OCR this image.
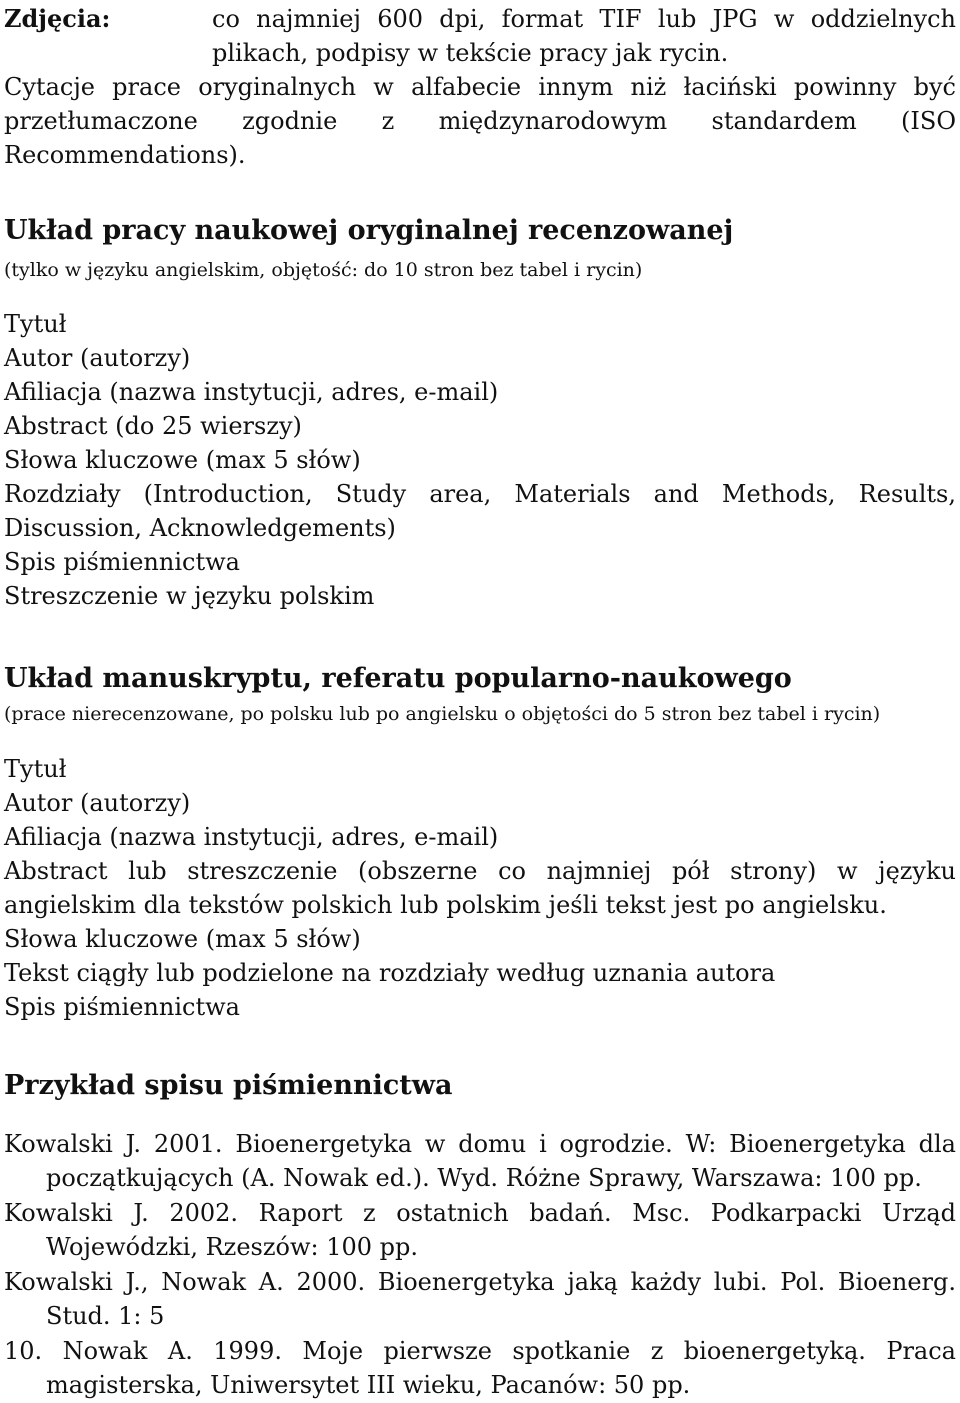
Zdjęcia:	co najmniej 600 dpi, format TIF lub JPG w oddzielnych plikach, podpisy w tekście pracy jak rycin.
Cytacje prace oryginalnych w alfabecie innym niż łaciński powinny być przetłumaczone zgodnie z międzynarodowym standardem (ISO Recommendations).
Układ pracy naukowej oryginalnej recenzowanej

(tylko w języku angielskim, objętość: do 10 stron bez tabel i rycin)

Tytuł
Autor (autorzy)
Afiliacja (nazwa instytucji, adres, e-mail)
Abstract (do 25 wierszy)
Słowa kluczowe (max 5 słów)
Rozdziały (Introduction, Study area, Materials and Methods, Results, Discussion, Acknowledgements)
Spis piśmiennictwa
Streszczenie w języku polskim
Układ manuskryptu, referatu popularno-naukowego

(prace nierecenzowane, po polsku lub po angielsku o objętości do 5 stron bez tabel i rycin)

Tytuł
Autor (autorzy)
Afiliacja (nazwa instytucji, adres, e-mail)
Abstract lub streszczenie (obszerne co najmniej pół strony) w języku angielskim dla tekstów polskich lub polskim jeśli tekst jest po angielsku.
Słowa kluczowe (max 5 słów)
Tekst ciągły lub podzielone na rozdziały według uznania autora
Spis piśmiennictwa
Przykład spisu piśmiennictwa
Kowalski J. 2001. Bioenergetyka w domu i ogrodzie. W: Bioenergetyka dla początkujących (A. Nowak ed.). Wyd. Różne Sprawy, Warszawa: 100 pp.
Kowalski J. 2002. Raport z ostatnich badań. Msc. Podkarpacki Urząd Wojewódzki, Rzeszów: 100 pp.
Kowalski J., Nowak A. 2000. Bioenergetyka jaką każdy lubi. Pol. Bioenerg. Stud. 1: 5
10. Nowak A. 1999. Moje pierwsze spotkanie z bioenergetyką. Praca magisterska, Uniwersytet III wieku, Pacanów: 50 pp.
